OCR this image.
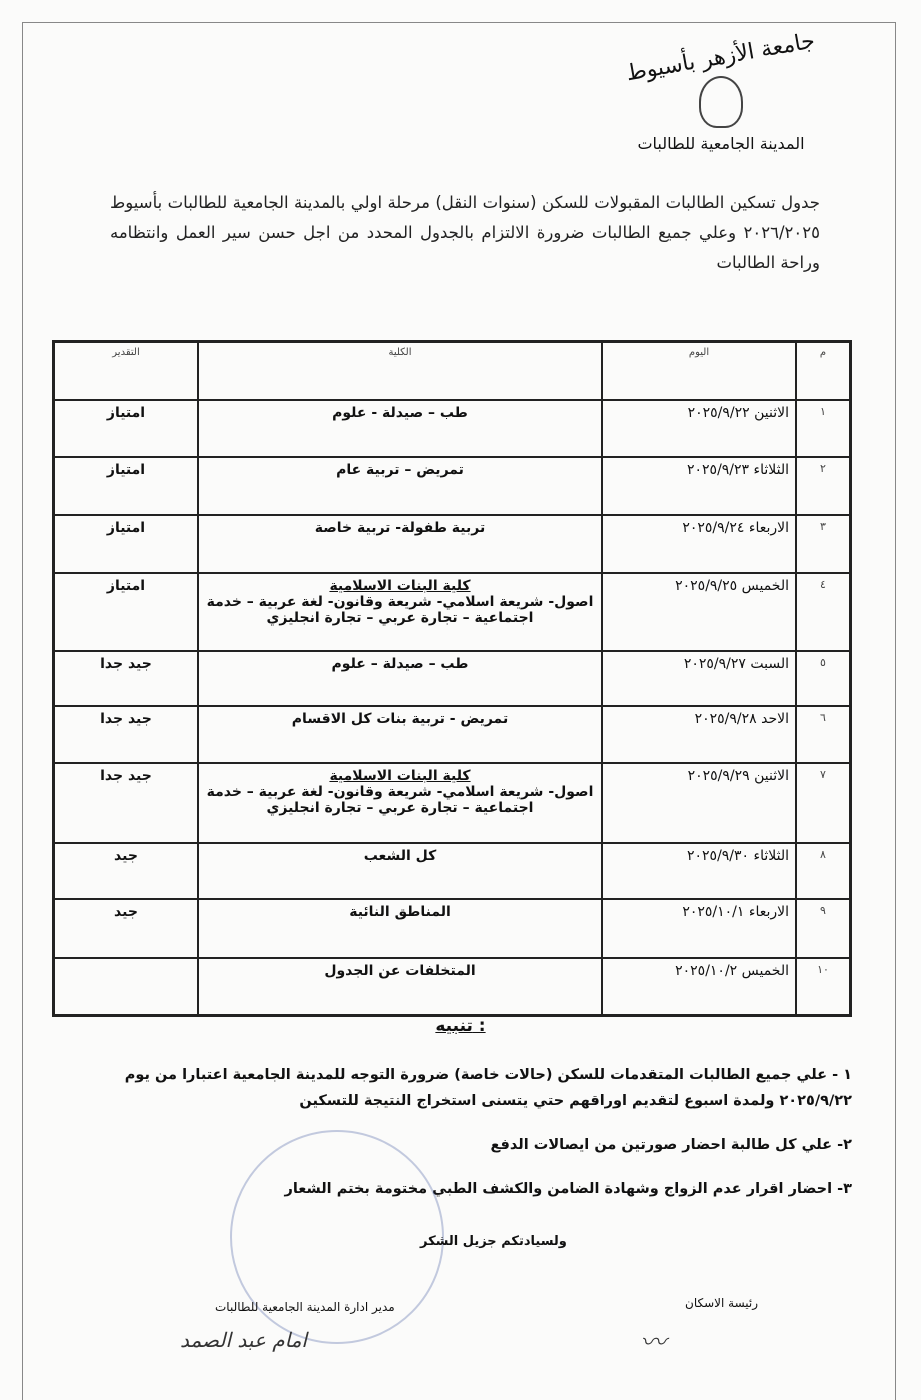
جامعة الأزهر بأسيوط
المدينة الجامعية للطالبات
جدول تسكين الطالبات المقبولات للسكن (سنوات النقل) مرحلة اولي بالمدينة الجامعية للطالبات بأسيوط ٢٠٢٦/٢٠٢٥ وعلي جميع الطالبات ضرورة الالتزام بالجدول المحدد من اجل حسن سير العمل وانتظامه وراحة الطالبات
م	اليوم	الكلية	التقدير
١	الاثنين ٢٠٢٥/٩/٢٢	طب – صيدلة - علوم	امتياز
٢	الثلاثاء ٢٠٢٥/٩/٢٣	تمريض – تربية عام	امتياز
٣	الاربعاء ٢٠٢٥/٩/٢٤	تربية طفولة- تربية خاصة	امتياز
٤	الخميس ٢٠٢٥/٩/٢٥	كلية البنات الاسلامية
اصول- شريعة اسلامي- شريعة وقانون- لغة عربية – خدمة اجتماعية – تجارة عربي – تجارة انجليزي	امتياز
٥	السبت ٢٠٢٥/٩/٢٧	طب – صيدلة – علوم	جيد جدا
٦	الاحد ٢٠٢٥/٩/٢٨	تمريض - تربية بنات كل الاقسام	جيد جدا
٧	الاثنين ٢٠٢٥/٩/٢٩	كلية البنات الاسلامية
اصول- شريعة اسلامي- شريعة وقانون- لغة عربية – خدمة اجتماعية – تجارة عربي – تجارة انجليزي	جيد جدا
٨	الثلاثاء ٢٠٢٥/٩/٣٠	كل الشعب	جيد
٩	الاربعاء ٢٠٢٥/١٠/١	المناطق النائية	جيد
١٠	الخميس ٢٠٢٥/١٠/٢	المتخلفات عن الجدول	

تنبيه :

١ - علي جميع الطالبات المتقدمات للسكن (حالات خاصة) ضرورة التوجه للمدينة الجامعية اعتبارا من يوم ٢٠٢٥/٩/٢٢ ولمدة اسبوع لتقديم اوراقهم حتي يتسنى استخراج النتيجة للتسكين

٢- علي كل طالبة احضار صورتين من ايصالات الدفع

٣- احضار اقرار عدم الزواج وشهادة الضامن والكشف الطبي مختومة بختم الشعار

ولسيادتكم جزيل الشكر
مدير ادارة المدينة الجامعية للطالبات
امام عبد الصمد
رئيسة الاسكان
〰
